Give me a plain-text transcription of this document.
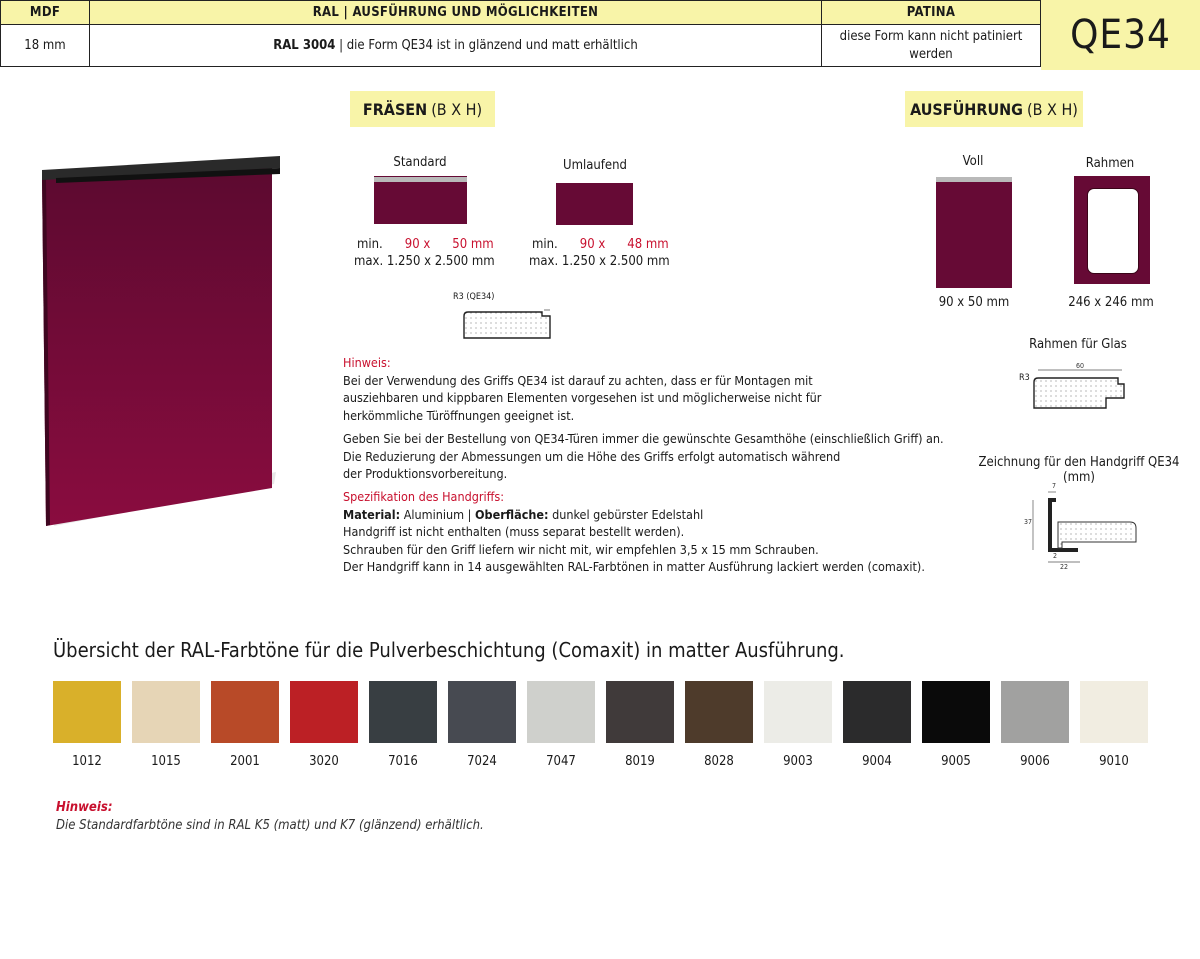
MDF	RAL | AUSFÜHRUNG UND MÖGLICHKEITEN	PATINA
18 mm	RAL 3004 | die Form QE34 ist in glänzend und matt erhältlich	diese Form kann nicht patiniert werden	QE34
FRÄSEN (B X H)
Standard	Umlaufend
min. 90 x 50 mm
max. 1.250 x 2.500 mm
min. 90 x 48 mm
max. 1.250 x 2.500 mm
R3 (QE34)
AUSFÜHRUNG (B X H)
Voll
90 x 50 mm
Rahmen
246 x 246 mm
Rahmen für Glas
R3
60
Zeichnung für den Handgriff QE34 (mm)
7
37
2
22
Hinweis:
Bei der Verwendung des Griffs QE34 ist darauf zu achten, dass er für Montagen mit
ausziehbaren und kippbaren Elementen vorgesehen ist und möglicherweise nicht für
herkömmliche Türöffnungen geeignet ist.
Geben Sie bei der Bestellung von QE34-Türen immer die gewünschte Gesamthöhe (einschließlich Griff) an.
Die Reduzierung der Abmessungen um die Höhe des Griffs erfolgt automatisch während
der Produktionsvorbereitung.
Spezifikation des Handgriffs:
Material: Aluminium | Oberfläche: dunkel gebürster Edelstahl
Handgriff ist nicht enthalten (muss separat bestellt werden).
Schrauben für den Griff liefern wir nicht mit, wir empfehlen 3,5 x 15 mm Schrauben.
Der Handgriff kann in 14 ausgewählten RAL-Farbtönen in matter Ausführung lackiert werden (comaxit).
Übersicht der RAL-Farbtöne für die Pulverbeschichtung (Comaxit) in matter Ausführung.
1012	1015	2001	3020	7016	7024	7047	8019	8028	9003	9004	9005	9006	9010
Hinweis:
Die Standardfarbtöne sind in RAL K5 (matt) und K7 (glänzend) erhältlich.
